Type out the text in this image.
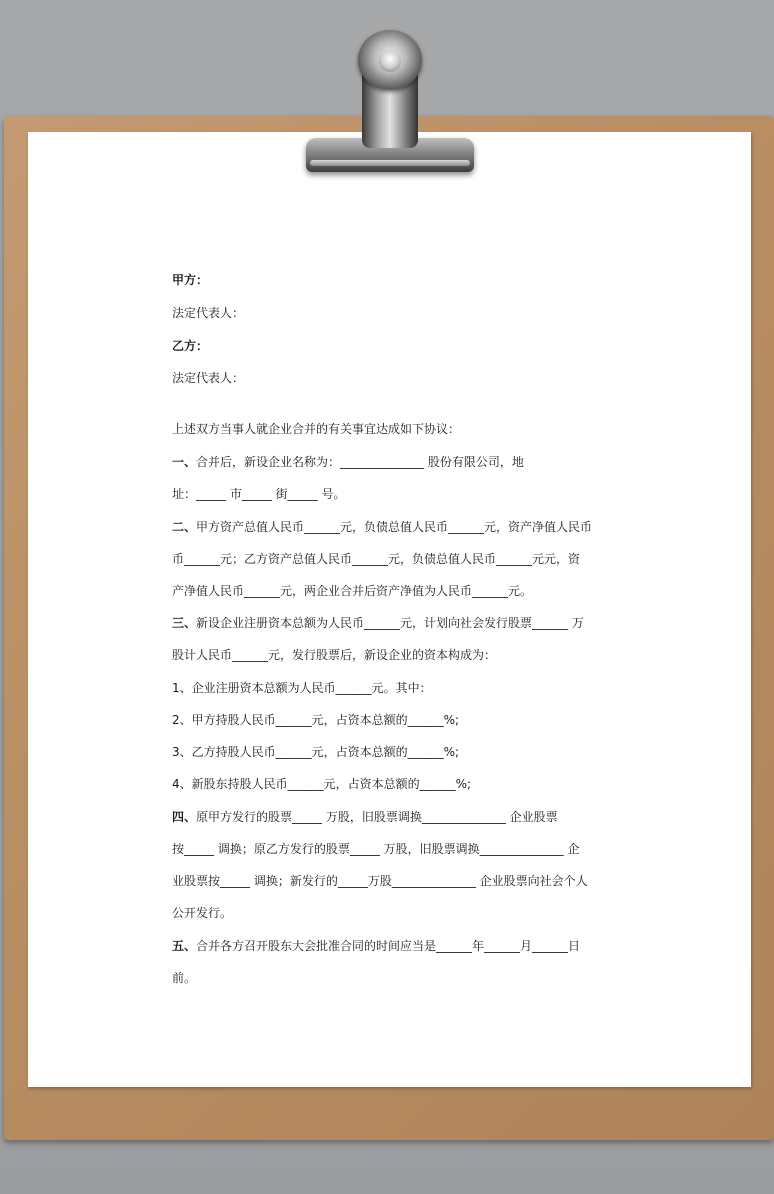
甲方：
法定代表人：
乙方：
法定代表人：
上述双方当事人就企业合并的有关事宜达成如下协议：
一、合并后，新设企业名称为：______________ 股份有限公司，地
址：_____ 市_____ 街_____ 号。
二、甲方资产总值人民币______元，负债总值人民币______元，资产净值人民币
币______元；乙方资产总值人民币______元，负债总值人民币______元元，资
产净值人民币______元，两企业合并后资产净值为人民币______元。
三、新设企业注册资本总额为人民币______元，计划向社会发行股票______ 万
股计人民币______元，发行股票后，新设企业的资本构成为：
1、企业注册资本总额为人民币______元。其中：
2、甲方持股人民币______元，占资本总额的______%;
3、乙方持股人民币______元，占资本总额的______%;
4、新股东持股人民币______元，占资本总额的______%;
四、原甲方发行的股票_____ 万股，旧股票调换______________ 企业股票
按_____ 调换；原乙方发行的股票_____ 万股，旧股票调换______________ 企
业股票按_____ 调换；新发行的_____万股______________ 企业股票向社会个人
公开发行。
五、合并各方召开股东大会批准合同的时间应当是______年______月______日
前。
